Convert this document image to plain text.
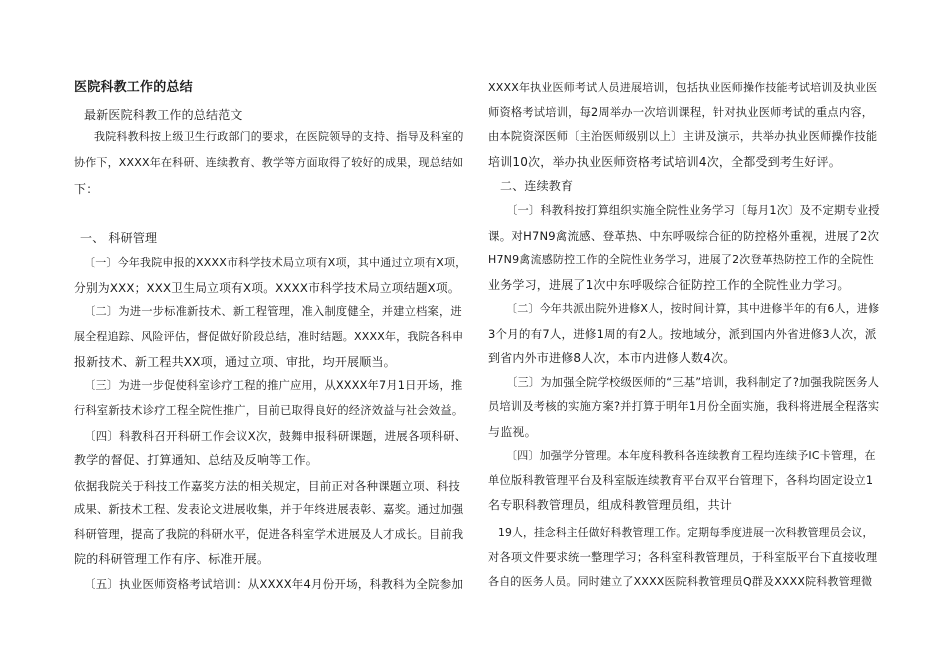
医院科教工作的总结
最新医院科教工作的总结范文
我院科教科按上级卫生行政部门的要求，在医院领导的支持、指导及科室的
协作下，XXXX年在科研、连续教育、教学等方面取得了较好的成果，现总结如
下：
一、 科研管理
〔一〕今年我院申报的XXXX市科学技术局立项有X项，其中通过立项有X项，
分别为XXX；XXX卫生局立项有X项。XXXX市科学技术局立项结题X项。
〔二〕为进一步标准新技术、新工程管理，准入制度健全，并建立档案，进
展全程追踪、风险评估，督促做好阶段总结，准时结题。XXXX年，我院各科申
报新技术、新工程共XX项，通过立项、审批，均开展顺当。
〔三〕为进一步促使科室诊疗工程的推广应用，从XXXX年7月1日开场，推
行科室新技术诊疗工程全院性推广，目前已取得良好的经济效益与社会效益。
〔四〕科教科召开科研工作会议X次，鼓舞申报科研课题，进展各项科研、
教学的督促、打算通知、总结及反响等工作。
依据我院关于科技工作嘉奖方法的相关规定，目前正对各种课题立项、科技
成果、新技术工程、发表论文进展收集，并于年终进展表彰、嘉奖。通过加强
科研管理，提高了我院的科研水平，促进各科室学术进展及人才成长。目前我
院的科研管理工作有序、标准开展。
〔五〕执业医师资格考试培训：从XXXX年4月份开场，科教科为全院参加
XXXX年执业医师考试人员进展培训，包括执业医师操作技能考试培训及执业医
师资格考试培训，每2周举办一次培训课程，针对执业医师考试的重点内容，
由本院资深医师〔主治医师级别以上〕主讲及演示，共举办执业医师操作技能
培训10次，举办执业医师资格考试培训4次，全都受到考生好评。
二、连续教育
〔一〕科教科按打算组织实施全院性业务学习〔每月1次〕及不定期专业授
课。对H7N9禽流感、登革热、中东呼吸综合征的防控格外重视，进展了2次
H7N9禽流感防控工作的全院性业务学习，进展了2次登革热防控工作的全院性
业务学习，进展了1次中东呼吸综合征防控工作的全院性业力学习。
〔二〕今年共派出院外进修X人，按时间计算，其中进修半年的有6人，进修
3个月的有7人，进修1周的有2人。按地域分，派到国内外省进修3人次，派
到省内外市进修8人次，本市内进修人数4次。
〔三〕为加强全院学校级医师的“三基”培训，我科制定了?加强我院医务人
员培训及考核的实施方案?并打算于明年1月份全面实施，我科将进展全程落实
与监视。
〔四〕加强学分管理。本年度科教科各连续教育工程均连续予IC卡管理，在
单位版科教管理平台及科室版连续教育平台双平台管理下，各科均固定设立1
名专职科教管理员，组成科教管理员组，共计
19人，挂念科主任做好科教管理工作。定期每季度进展一次科教管理员会议，
对各项文件要求统一整理学习；各科室科教管理员，于科室版平台下直接收理
各自的医务人员。同时建立了XXXX医院科教管理员Q群及XXXX院科教管理微
